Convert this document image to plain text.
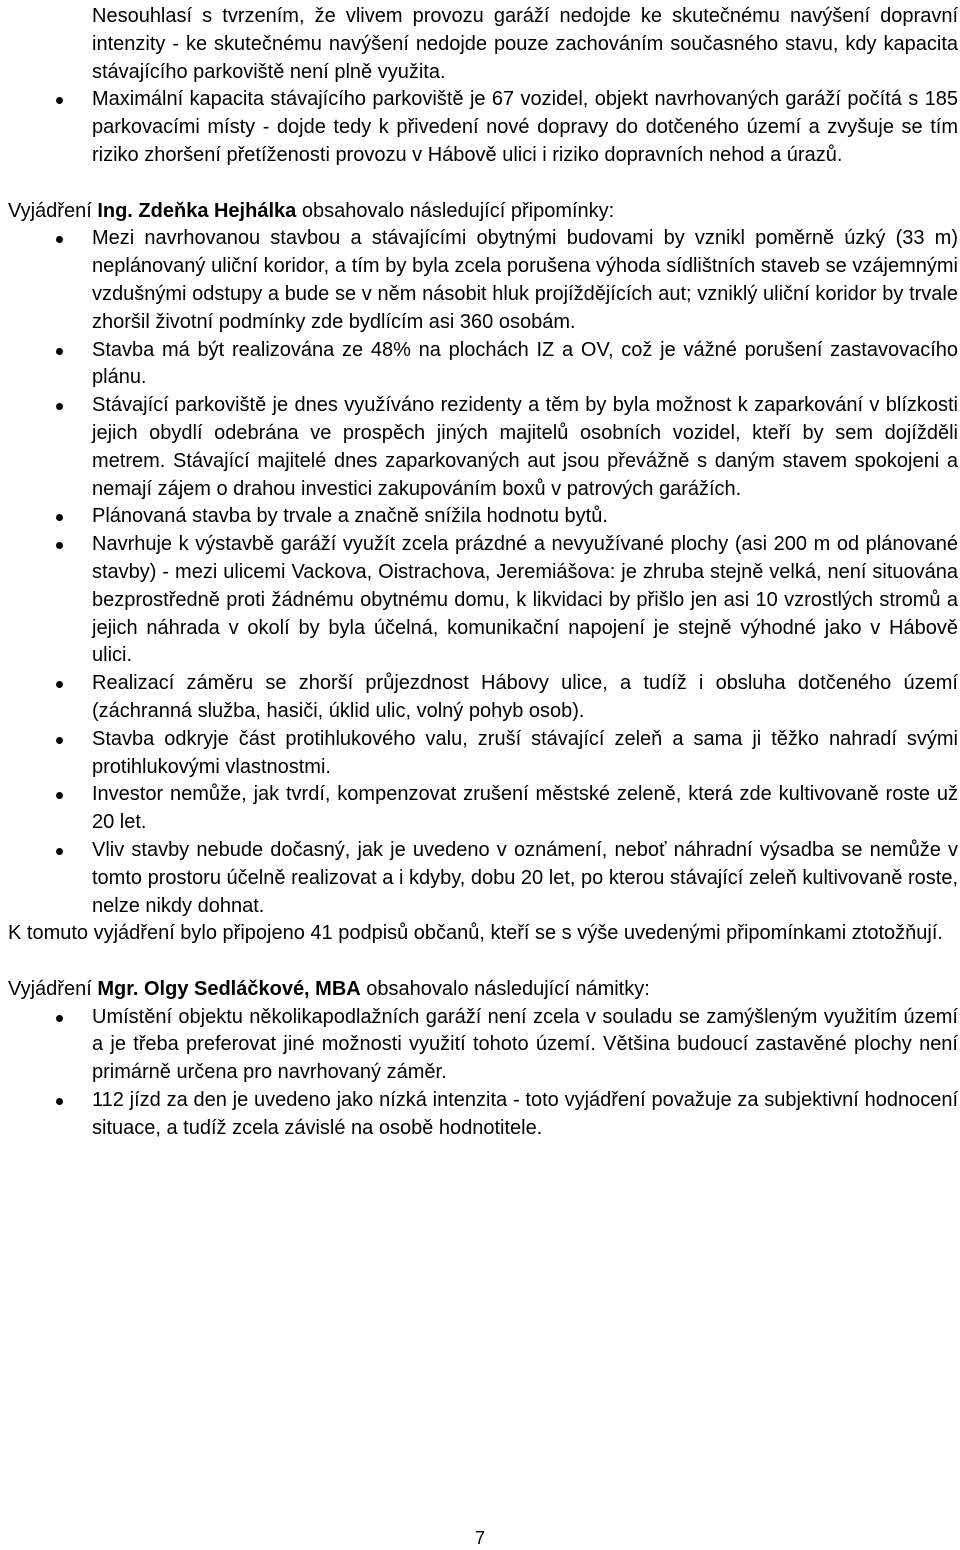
Nesouhlasí s tvrzením, že vlivem provozu garáží nedojde ke skutečnému navýšení dopravní intenzity - ke skutečnému navýšení nedojde pouze zachováním současného stavu, kdy kapacita stávajícího parkoviště není plně využita.
Maximální kapacita stávajícího parkoviště je 67 vozidel, objekt navrhovaných garáží počítá s 185 parkovacími místy - dojde tedy k přivedení nové dopravy do dotčeného území a zvyšuje se tím riziko zhoršení přetíženosti provozu v Hábově ulici i riziko dopravních nehod a úrazů.

Vyjádření Ing. Zdeňka Hejhálka obsahovalo následující připomínky:

Mezi navrhovanou stavbou a stávajícími obytnými budovami by vznikl poměrně úzký (33 m) neplánovaný uliční koridor, a tím by byla zcela porušena výhoda sídlištních staveb se vzájemnými vzdušnými odstupy a bude se v něm násobit hluk projíždějících aut; vzniklý uliční koridor by trvale zhoršil životní podmínky zde bydlícím asi 360 osobám.
Stavba má být realizována ze 48% na plochách IZ a OV, což je vážné porušení zastavovacího plánu.
Stávající parkoviště je dnes využíváno rezidenty a těm by byla možnost k zaparkování v blízkosti jejich obydlí odebrána ve prospěch jiných majitelů osobních vozidel, kteří by sem dojížděli metrem. Stávající majitelé dnes zaparkovaných aut jsou převážně s daným stavem spokojeni a nemají zájem o drahou investici zakupováním boxů v patrových garážích.
Plánovaná stavba by trvale a značně snížila hodnotu bytů.
Navrhuje k výstavbě garáží využít zcela prázdné a nevyužívané plochy (asi 200 m od plánované stavby) - mezi ulicemi Vackova, Oistrachova, Jeremiášova: je zhruba stejně velká, není situována bezprostředně proti žádnému obytnému domu, k likvidaci by přišlo jen asi 10 vzrostlých stromů a jejich náhrada v okolí by byla účelná, komunikační napojení je stejně výhodné jako v Hábově ulici.
Realizací záměru se zhorší průjezdnost Hábovy ulice, a tudíž i obsluha dotčeného území (záchranná služba, hasiči, úklid ulic, volný pohyb osob).
Stavba odkryje část protihlukového valu, zruší stávající zeleň a sama ji těžko nahradí svými protihlukovými vlastnostmi.
Investor nemůže, jak tvrdí, kompenzovat zrušení městské zeleně, která zde kultivovaně roste už 20 let.
Vliv stavby nebude dočasný, jak je uvedeno v oznámení, neboť náhradní výsadba se nemůže v tomto prostoru účelně realizovat a i kdyby, dobu 20 let, po kterou stávající zeleň kultivovaně roste, nelze nikdy dohnat.

K tomuto vyjádření bylo připojeno 41 podpisů občanů, kteří se s výše uvedenými připomínkami ztotožňují.

Vyjádření Mgr. Olgy Sedláčkové, MBA obsahovalo následující námitky:

Umístění objektu několikapodlažních garáží není zcela v souladu se zamýšleným využitím území a je třeba preferovat jiné možnosti využití tohoto území. Většina budoucí zastavěné plochy není primárně určena pro navrhovaný záměr.
112 jízd za den je uvedeno jako nízká intenzita - toto vyjádření považuje za subjektivní hodnocení situace, a tudíž zcela závislé na osobě hodnotitele.
7
